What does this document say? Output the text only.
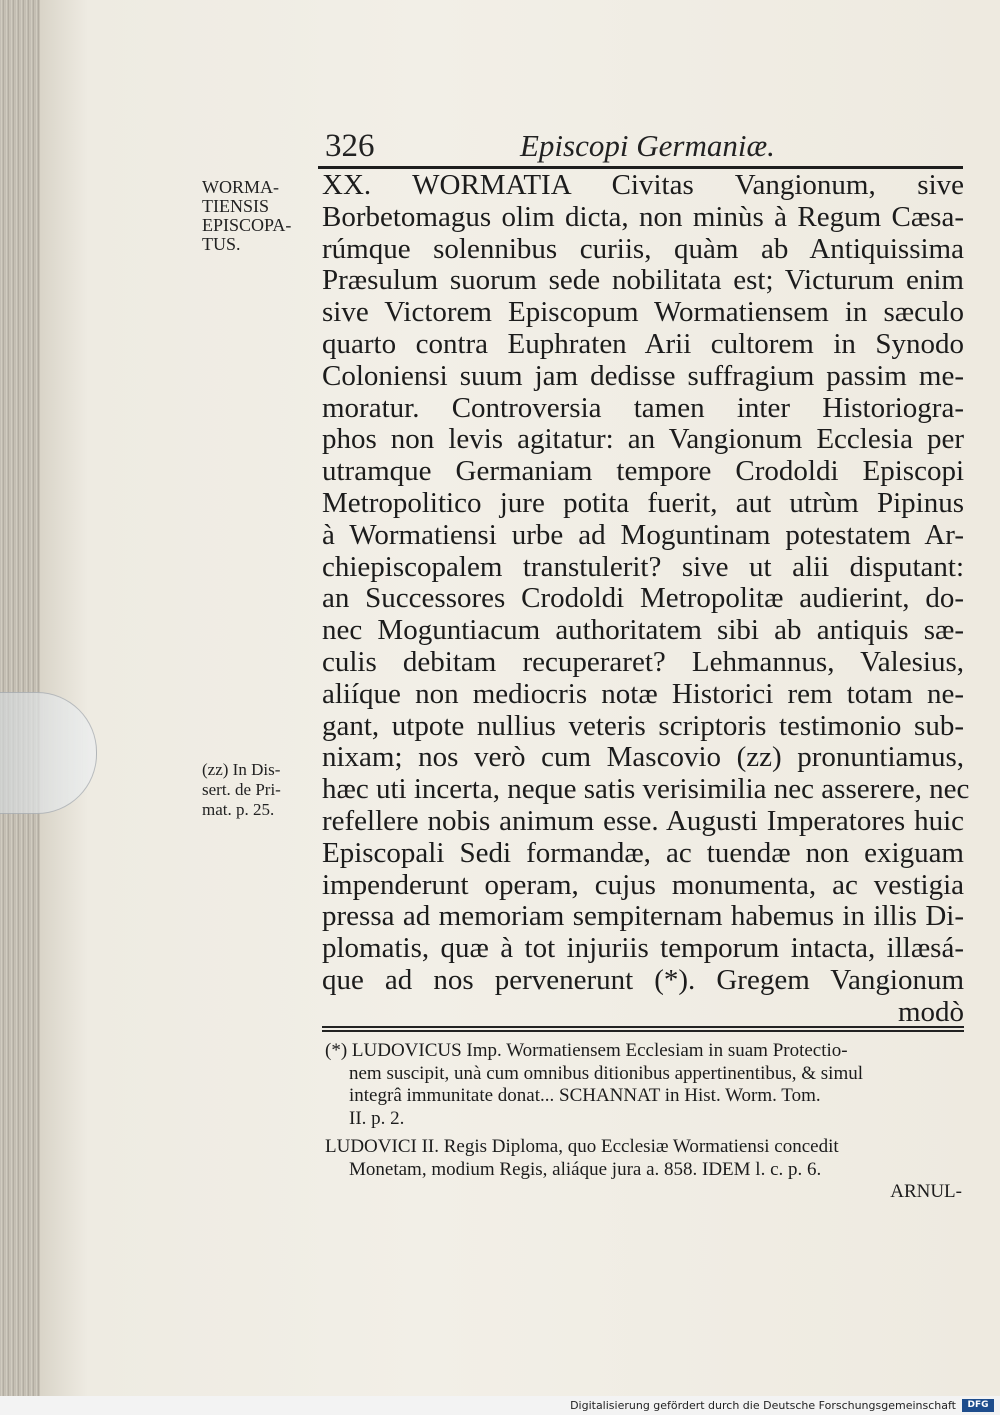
326	Episcopi Germaniæ.
WORMA-
TIENSIS
EPISCOPA-
TUS.
XX. WORMATIA Civitas Vangionum, sive
Borbetomagus olim dicta, non minùs à Regum Cæsa-
rúmque solennibus curiis, quàm ab Antiquissima
Præsulum suorum sede nobilitata est; Victurum enim
sive Victorem Episcopum Wormatiensem in sæculo
quarto contra Euphraten Arii cultorem in Synodo
Coloniensi suum jam dedisse suffragium passim me-
moratur. Controversia tamen inter Historiogra-
phos non levis agitatur: an Vangionum Ecclesia per
utramque Germaniam tempore Crodoldi Episcopi
Metropolitico jure potita fuerit, aut utrùm Pipinus
à Wormatiensi urbe ad Moguntinam potestatem Ar-
chiepiscopalem transtulerit? sive ut alii disputant:
an Successores Crodoldi Metropolitæ audierint, do-
nec Moguntiacum authoritatem sibi ab antiquis sæ-
culis debitam recuperaret? Lehmannus, Valesius,
aliíque non mediocris notæ Historici rem totam ne-
gant, utpote nullius veteris scriptoris testimonio sub-
nixam; nos verò cum Mascovio (zz) pronuntiamus,
hæc uti incerta, neque satis verisimilia nec asserere, nec
refellere nobis animum esse. Augusti Imperatores huic
Episcopali Sedi formandæ, ac tuendæ non exiguam
impenderunt operam, cujus monumenta, ac vestigia
pressa ad memoriam sempiternam habemus in illis Di-
plomatis, quæ à tot injuriis temporum intacta, illæsá-
que ad nos pervenerunt (*). Gregem Vangionum
modò
(zz) In Dis-
sert. de Pri-
mat. p. 25.
(*) LUDOVICUS Imp. Wormatiensem Ecclesiam in suam Protectio-
nem suscipit, unà cum omnibus ditionibus appertinentibus, & simul
integrâ immunitate donat... SCHANNAT in Hist. Worm. Tom.
II. p. 2.
LUDOVICI II. Regis Diploma, quo Ecclesiæ Wormatiensi concedit
Monetam, modium Regis, aliáque jura a. 858. IDEM l. c. p. 6.
ARNUL-
Digitalisierung gefördert durch die Deutsche Forschungsgemeinschaft	DFG
